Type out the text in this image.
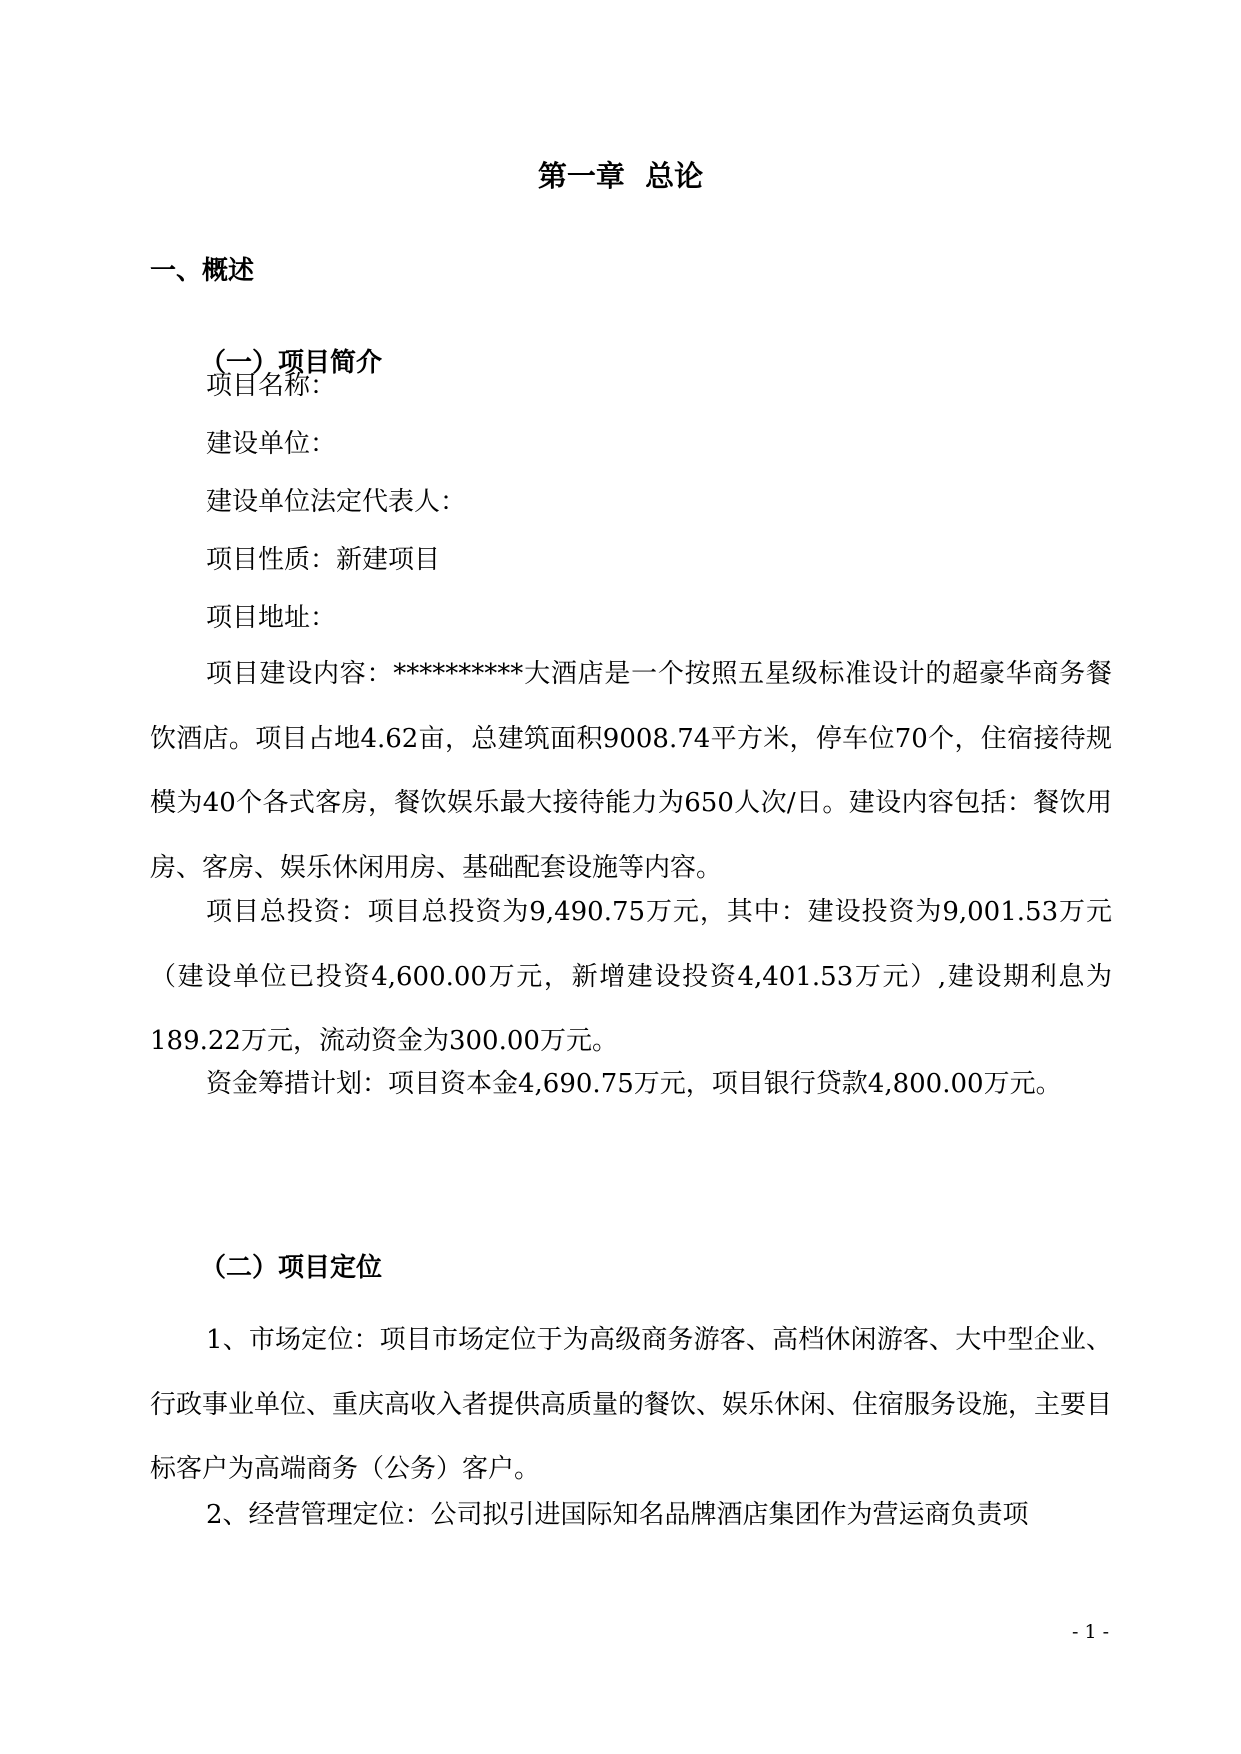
第一章  总论
一、概述
（一）项目简介
项目名称：
建设单位：
建设单位法定代表人：
项目性质：新建项目
项目地址：

项目建设内容：**********大酒店是一个按照五星级标准设计的超豪华商务餐饮酒店。项目占地4.62亩，总建筑面积9008.74平方米，停车位70个，住宿接待规模为40个各式客房，餐饮娱乐最大接待能力为650人次/日。建设内容包括：餐饮用房、客房、娱乐休闲用房、基础配套设施等内容。

项目总投资：项目总投资为9,490.75万元，其中：建设投资为9,001.53万元（建设单位已投资4,600.00万元，新增建设投资4,401.53万元）,建设期利息为189.22万元，流动资金为300.00万元。

资金筹措计划：项目资本金4,690.75万元，项目银行贷款4,800.00万元。

（二）项目定位

1、市场定位：项目市场定位于为高级商务游客、高档休闲游客、大中型企业、行政事业单位、重庆高收入者提供高质量的餐饮、娱乐休闲、住宿服务设施，主要目标客户为高端商务（公务）客户。

2、经营管理定位：公司拟引进国际知名品牌酒店集团作为营运商负责项

- 1 -
